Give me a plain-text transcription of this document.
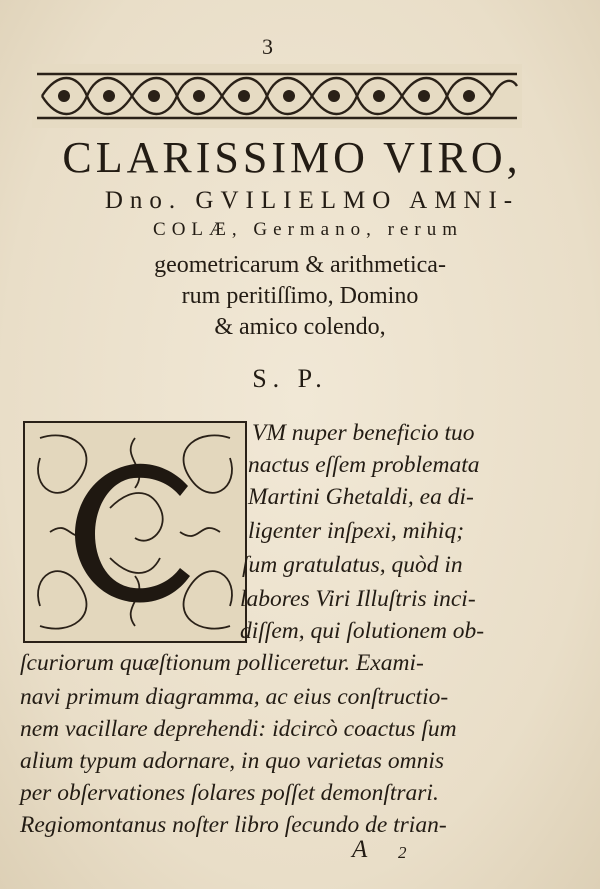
3
CLARISSIMO VIRO,
Dno. GVILIELMO AMNI-
COLÆ, Germano, rerum
geometricarum & arithmetica-
rum peritiſſimo, Domino
& amico colendo,
S. P.
VM nuper beneficio tuo
nactus eſſem problemata
Martini Ghetaldi, ea di-
ligenter inſpexi, mihiq;
ſum gratulatus, quòd in
labores Viri Illuſtris inci-
diſſem, qui ſolutionem ob-
ſcuriorum quæſtionum polliceretur. Exami-
navi primum diagramma, ac eius conſtructio-
nem vacillare deprehendi: idcircò coactus ſum
alium typum adornare, in quo varietas omnis
per obſervationes ſolares poſſet demonſtrari.
Regiomontanus noſter libro ſecundo de trian-
A 2
